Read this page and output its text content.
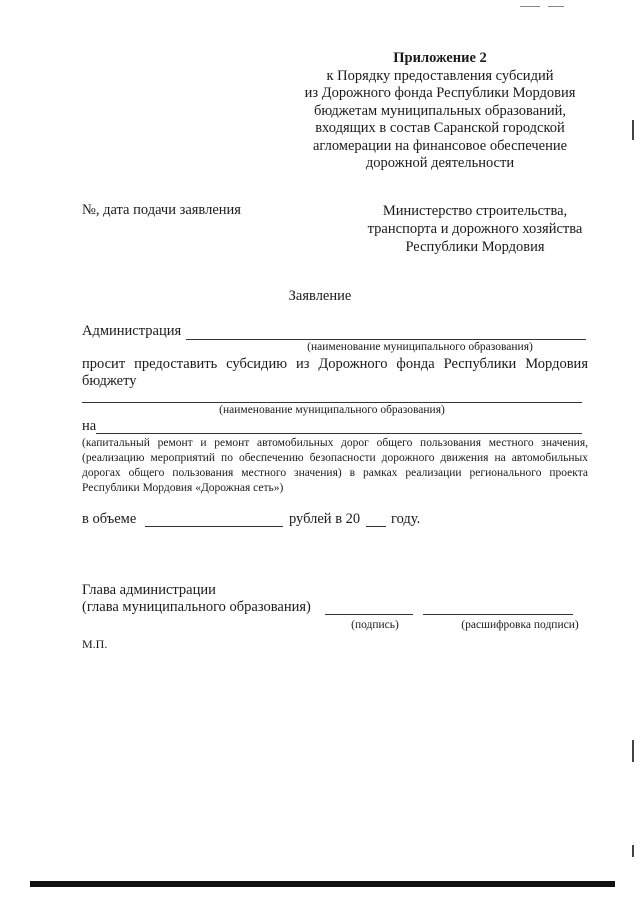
Приложение 2
к Порядку предоставления субсидий
из Дорожного фонда Республики Мордовия
бюджетам муниципальных образований,
входящих в состав Саранской городской
агломерации на финансовое обеспечение
дорожной деятельности
№, дата подачи заявления	Министерство строительства,
транспорта и дорожного хозяйства
Республики Мордовия
Заявление
Администрация
(наименование муниципального образования)
просит предоставить субсидию из Дорожного фонда Республики Мордовия бюджету
(наименование муниципального образования)
на
(капитальный ремонт и ремонт автомобильных дорог общего пользования местного значения, (реализацию мероприятий по обеспечению безопасности дорожного движения на автомобильных дорогах общего пользования местного значения) в рамках реализации регионального проекта Республики Мордовия «Дорожная сеть»)
в объеме	рублей в 20 году.
Глава администрации
(глава муниципального образования)
(подпись)	(расшифровка подписи)
М.П.
